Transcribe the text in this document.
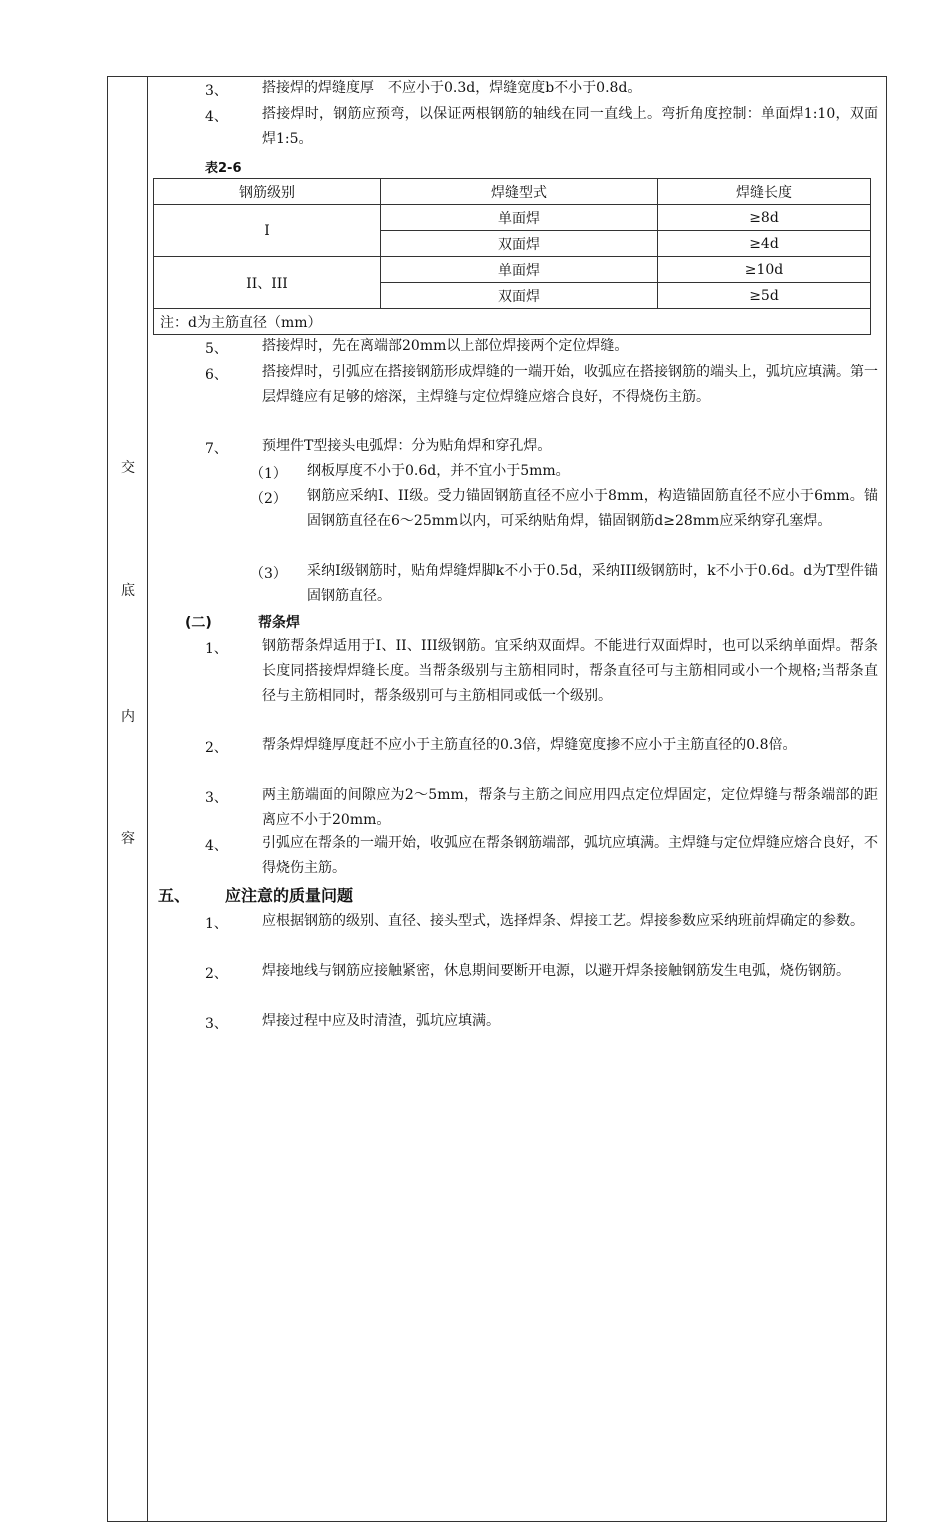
交
底
内
容
3、 搭接焊的焊缝度厚　不应小于0.3d，焊缝宽度b不小于0.8d。
4、 搭接焊时，钢筋应预弯，以保证两根钢筋的轴线在同一直线上。弯折角度控制：单面焊1:10，双面焊1:5。
表2-6
钢筋级别	焊缝型式	焊缝长度
I	单面焊	≥8d
	双面焊	≥4d
II、III	单面焊	≥10d
	双面焊	≥5d
注：d为主筋直径（mm）		
5、 搭接焊时，先在离端部20mm以上部位焊接两个定位焊缝。
6、 搭接焊时，引弧应在搭接钢筋形成焊缝的一端开始，收弧应在搭接钢筋的端头上，弧坑应填满。第一层焊缝应有足够的熔深，主焊缝与定位焊缝应熔合良好，不得烧伤主筋。
7、 预埋件T型接头电弧焊：分为贴角焊和穿孔焊。
（1） 纲板厚度不小于0.6d，并不宜小于5mm。
（2） 钢筋应采纳I、II级。受力锚固钢筋直径不应小于8mm，构造锚固筋直径不应小于6mm。锚固钢筋直径在6～25mm以内，可采纳贴角焊，锚固钢筋d≥28mm应采纳穿孔塞焊。
（3） 采纳I级钢筋时，贴角焊缝焊脚k不小于0.5d，采纳III级钢筋时，k不小于0.6d。d为T型件锚固钢筋直径。
(二)	帮条焊
1、 钢筋帮条焊适用于I、II、III级钢筋。宜采纳双面焊。不能进行双面焊时，也可以采纳单面焊。帮条长度同搭接焊焊缝长度。当帮条级别与主筋相同时，帮条直径可与主筋相同或小一个规格;当帮条直径与主筋相同时，帮条级别可与主筋相同或低一个级别。
2、 帮条焊焊缝厚度赶不应小于主筋直径的0.3倍，焊缝宽度掺不应小于主筋直径的0.8倍。
3、 两主筋端面的间隙应为2～5mm，帮条与主筋之间应用四点定位焊固定，定位焊缝与帮条端部的距离应不小于20mm。
4、 引弧应在帮条的一端开始，收弧应在帮条钢筋端部，弧坑应填满。主焊缝与定位焊缝应熔合良好，不得烧伤主筋。
五、 应注意的质量问题
1、 应根据钢筋的级别、直径、接头型式，选择焊条、焊接工艺。焊接参数应采纳班前焊确定的参数。
2、 焊接地线与钢筋应接触紧密，休息期间要断开电源，以避开焊条接触钢筋发生电弧，烧伤钢筋。
3、 焊接过程中应及时清渣，弧坑应填满。
